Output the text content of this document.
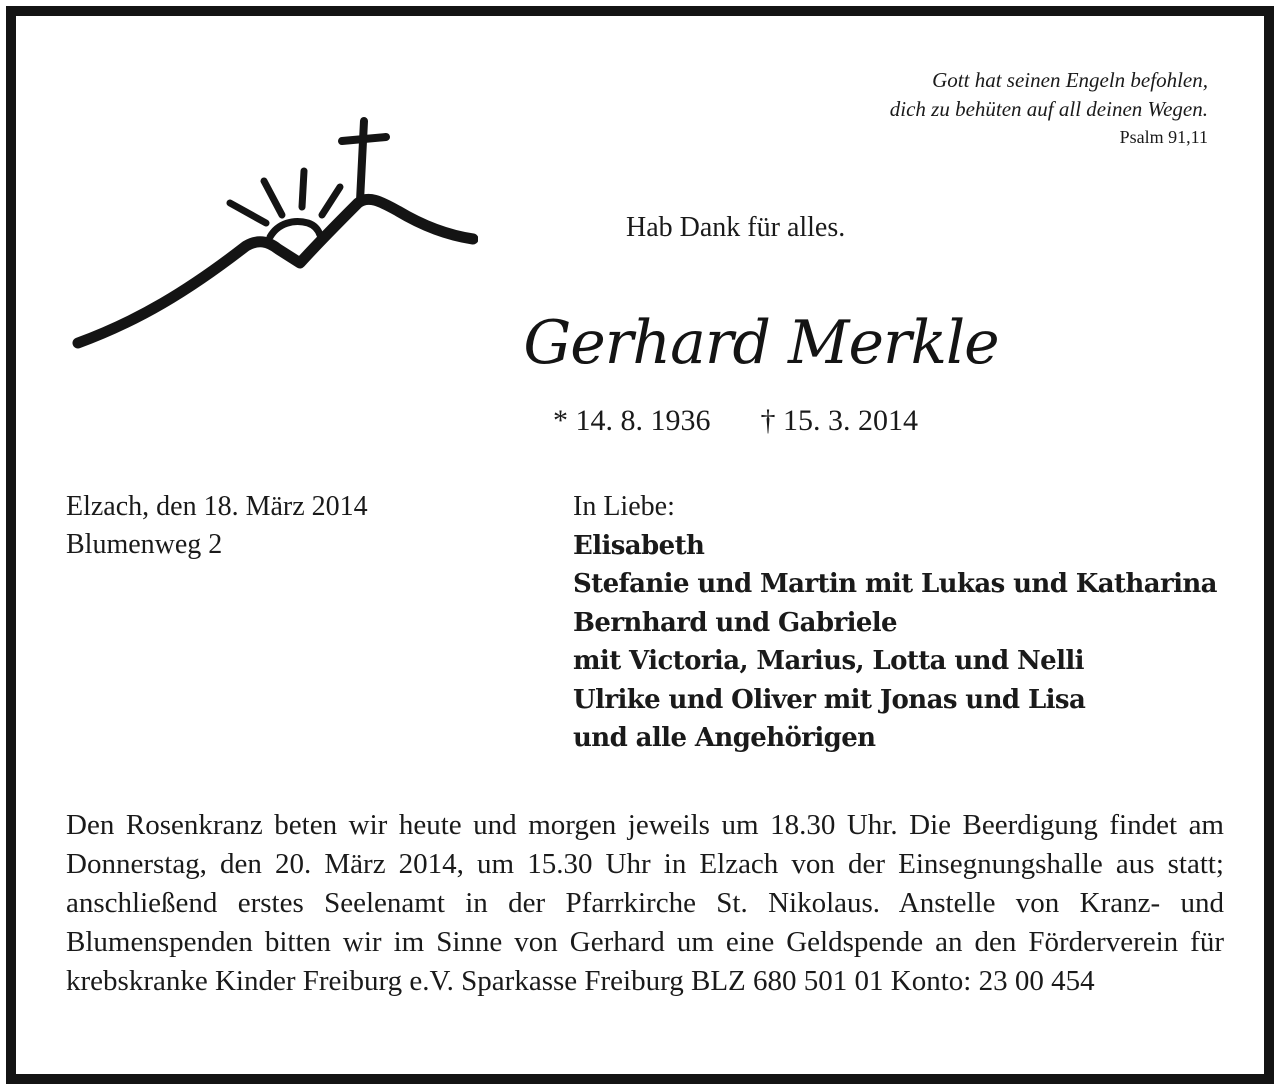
Gott hat seinen Engeln befohlen,
dich zu behüten auf all deinen Wegen.
Psalm 91,11
Hab Dank für alles.
Gerhard Merkle
* 14. 8. 1936 † 15. 3. 2014
Elzach, den 18. März 2014
Blumenweg 2
In Liebe:
Elisabeth
Stefanie und Martin mit Lukas und Katharina
Bernhard und Gabriele
mit Victoria, Marius, Lotta und Nelli
Ulrike und Oliver mit Jonas und Lisa
und alle Angehörigen
Den Rosenkranz beten wir heute und morgen jeweils um 18.30 Uhr. Die Beerdigung findet am Donnerstag, den 20. März 2014, um 15.30 Uhr in Elzach von der Einsegnungshalle aus statt; anschließend erstes Seelenamt in der Pfarrkirche St. Nikolaus. Anstelle von Kranz- und Blumenspenden bitten wir im Sinne von Gerhard um eine Geldspende an den Förderverein für krebskranke Kinder Freiburg e.V. Sparkasse Freiburg BLZ 680 501 01 Konto: 23 00 454
